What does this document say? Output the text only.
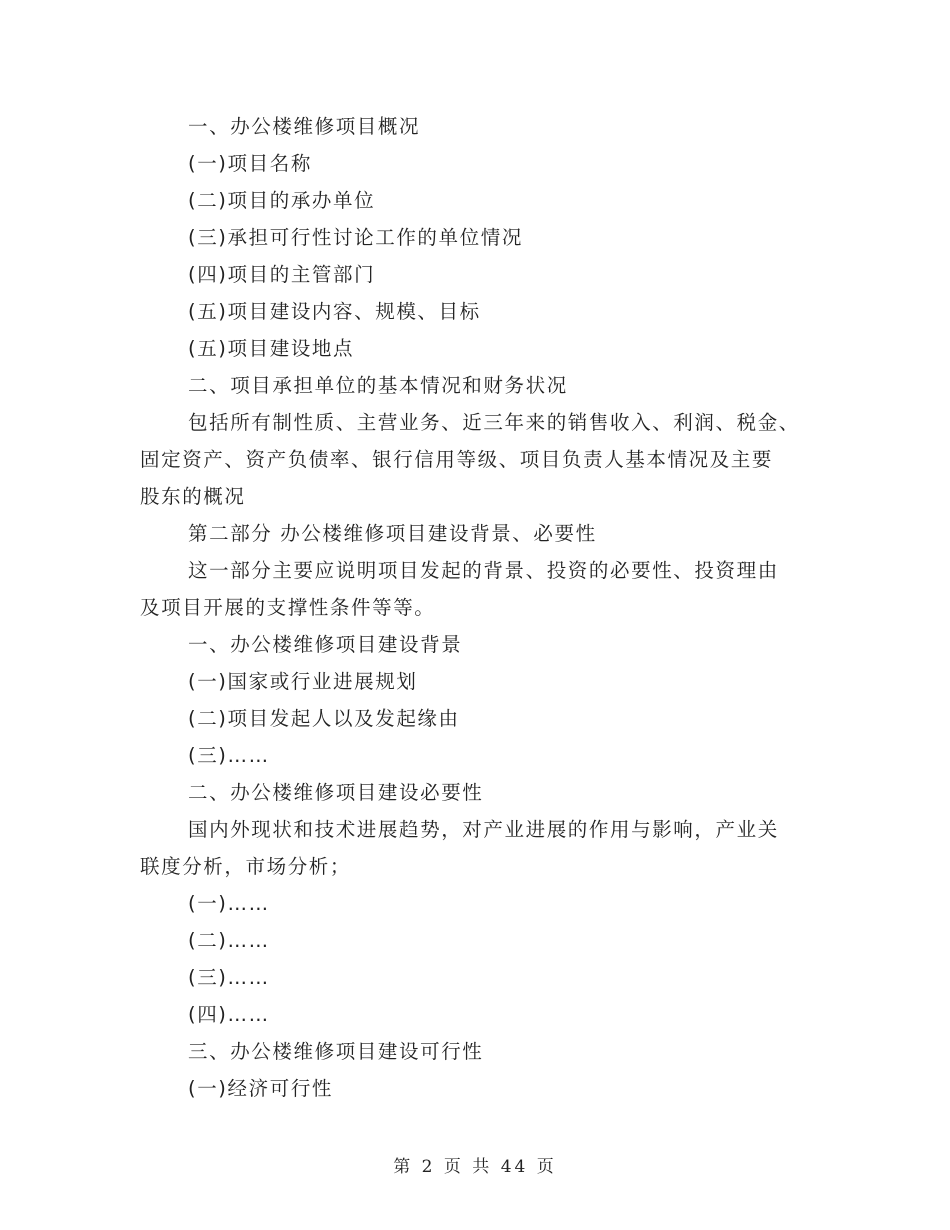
一、办公楼维修项目概况
(一)项目名称
(二)项目的承办单位
(三)承担可行性讨论工作的单位情况
(四)项目的主管部门
(五)项目建设内容、规模、目标
(五)项目建设地点
二、项目承担单位的基本情况和财务状况
包括所有制性质、主营业务、近三年来的销售收入、利润、税金、
固定资产、资产负债率、银行信用等级、项目负责人基本情况及主要
股东的概况
第二部分 办公楼维修项目建设背景、必要性
这一部分主要应说明项目发起的背景、投资的必要性、投资理由
及项目开展的支撑性条件等等。
一、办公楼维修项目建设背景
(一)国家或行业进展规划
(二)项目发起人以及发起缘由
(三)……
二、办公楼维修项目建设必要性
国内外现状和技术进展趋势，对产业进展的作用与影响，产业关
联度分析，市场分析；
(一)……
(二)……
(三)……
(四)……
三、办公楼维修项目建设可行性
(一)经济可行性
第 2 页 共 44 页
